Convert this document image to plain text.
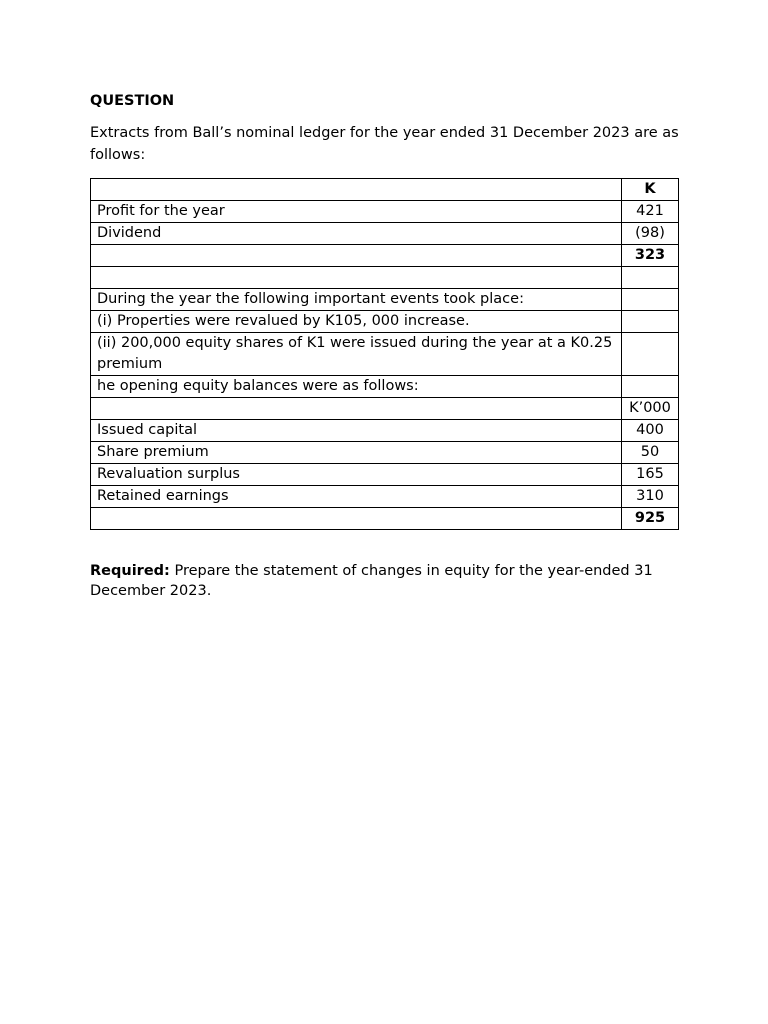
QUESTION
Extracts from Ball’s nominal ledger for the year ended 31 December 2023 are as follows:
	K
Profit for the year	421
Dividend	(98)
	323

During the year the following important events took place:	
(i) Properties were revalued by K105, 000 increase.	
(ii) 200,000 equity shares of K1 were issued during the year at a K0.25 premium	
he opening equity balances were as follows:	
	K’000
Issued capital	400
Share premium	50
Revaluation surplus	165
Retained earnings	310
	925
Required: Prepare the statement of changes in equity for the year-ended 31 December 2023.
